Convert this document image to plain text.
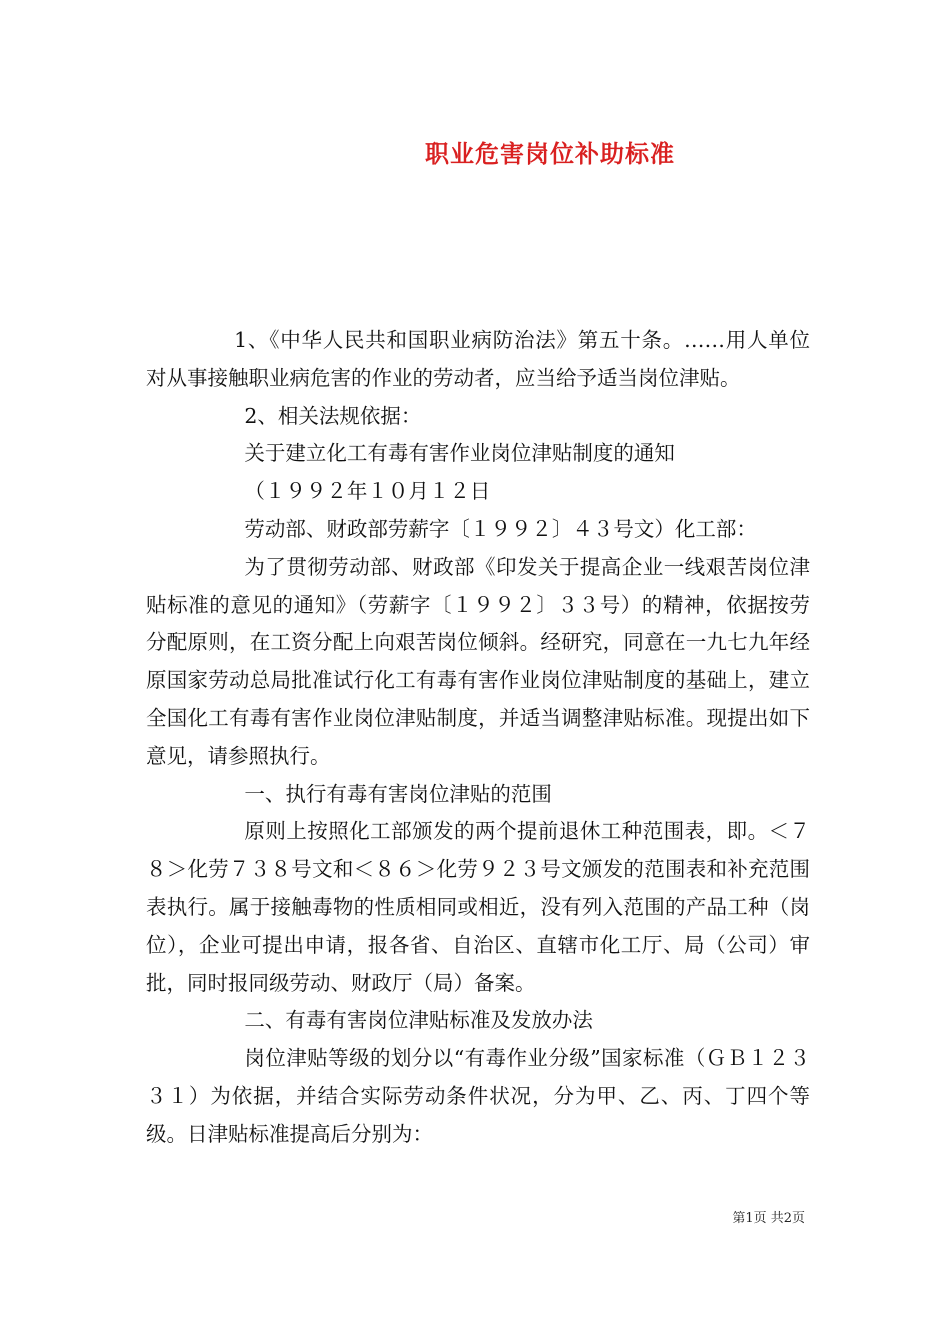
职业危害岗位补助标准

1、《中华人民共和国职业病防治法》第五十条。……用人单位对从事接触职业病危害的作业的劳动者，应当给予适当岗位津贴。

2、相关法规依据：

关于建立化工有毒有害作业岗位津贴制度的通知

（１９９２年１０月１２日

劳动部、财政部劳薪字〔１９９２〕４３号文）化工部：

为了贯彻劳动部、财政部《印发关于提高企业一线艰苦岗位津贴标准的意见的通知》（劳薪字〔１９９２〕３３号）的精神，依据按劳分配原则，在工资分配上向艰苦岗位倾斜。经研究，同意在一九七九年经原国家劳动总局批准试行化工有毒有害作业岗位津贴制度的基础上，建立全国化工有毒有害作业岗位津贴制度，并适当调整津贴标准。现提出如下意见，请参照执行。

一、执行有毒有害岗位津贴的范围

原则上按照化工部颁发的两个提前退休工种范围表，即。＜７８＞化劳７３８号文和＜８６＞化劳９２３号文颁发的范围表和补充范围表执行。属于接触毒物的性质相同或相近，没有列入范围的产品工种（岗位），企业可提出申请，报各省、自治区、直辖市化工厅、局（公司）审批，同时报同级劳动、财政厅（局）备案。

二、有毒有害岗位津贴标准及发放办法

岗位津贴等级的划分以“有毒作业分级”国家标准（ＧＢ１２３３１）为依据，并结合实际劳动条件状况，分为甲、乙、丙、丁四个等级。日津贴标准提高后分别为：

第1页 共2页
